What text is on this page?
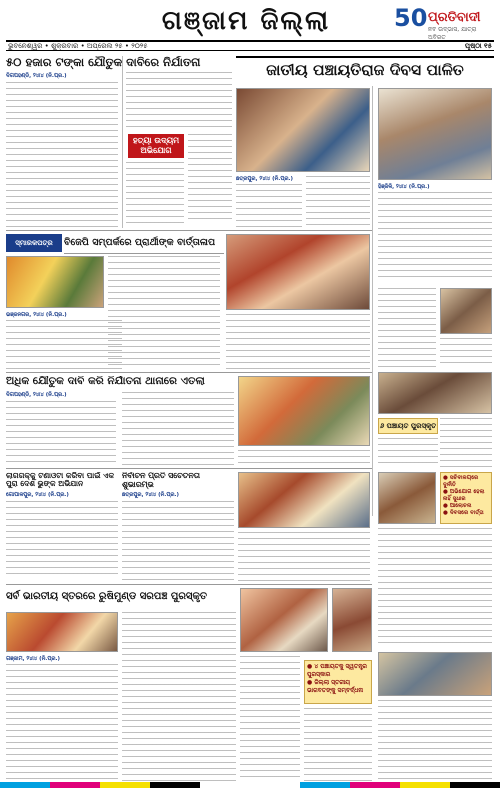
ଗଞ୍ଜାମ ଜିଲ୍ଲା	50 ପ୍ରତିବାଦୀ
ନବ ଉଦ୍ଭାସ, ଯାତ୍ରା ଅବିରତ
ଭୁବନେଶ୍ୱର • ଶୁକ୍ରବାର • ଅପ୍ରେଲ ୨୫ • ୨୦୨୫	ପୃଷ୍ଠା ୧୫
୫୦ ହଜାର ଟଙ୍କା ଯୌତୁକ ଦାବିରେ ନିର୍ଯାତନା
ଦିଗପହଣ୍ଡି, ୨୪ା୪ (ନି.ପ୍ର.)
ହତ୍ୟା ଉଦ୍ୟମ ଅଭିଯୋଗ
ଜାତୀୟ ପଞ୍ଚାୟତିରାଜ ଦିବସ ପାଳିତ
ଛତ୍ରପୁର, ୨୪ା୪ (ନି.ପ୍ର.)
ହିଞ୍ଜିଳି, ୨୪ା୪ (ନି.ପ୍ର.)
ସ୍ମାରକପତ୍ର	ବିଜେପି ସମ୍ପର୍କରେ ପ୍ରାର୍ଥୀଙ୍କ ବାର୍ତ୍ତାଳାପ
ଭଞ୍ଜନଗର, ୨୪ା୪ (ନି.ପ୍ର.)
ଅଧିକ ଯୌତୁକ ଦାବି କରି ନିର୍ଯାତନା ଥାନାରେ ଏତଲା
ଦିଗପହଣ୍ଡି, ୨୪ା୪ (ନି.ପ୍ର.)
୬ ପଞ୍ଚାୟତ ପୁରସ୍କୃତ
ଲାଗଗକ୍କୁ ଟଣାଓଟା କରିବା ପାଇଁ ଏକ ପୁରା ଦେଶ ଭୁଙ୍କ ଅଭିଯାନ
ଗୋପାଳପୁର, ୨୪ା୪ (ନି.ପ୍ର.)
ନିର୍ବାଚନ ପ୍ରତି ସଚେତନତା ଶୁଭାରମ୍ଭ
ଛତ୍ରପୁର, ୨୪ା୪ (ନି.ପ୍ର.)
● ସଚିବାଳୟରେ ଦୁର୍ନୀତି
● ଅଭିଯୋଗ ହେଲା ନାହିଁ ସୁଧାର
● ଆଲୋଚନା
● ଦିବସରେ ବାର୍ତ୍ତା
ସର୍ବ ଭାରତୀୟ ସ୍ତରରେ ରୁଷିମୁଣ୍ଡ ସରପଞ୍ଚ ପୁରସ୍କୃତ
ଗଞ୍ଜାମ, ୨୪ା୪ (ନି.ପ୍ର.)
● ୪ ପଞ୍ଚାୟତକୁ ସ୍ୱତନ୍ତ୍ର ପୁରସ୍କାର
● ଜିଲ୍ଲା ସ୍ତରୀୟ
ଭାଗବତଙ୍କୁ ସମ୍ବର୍ଦ୍ଧନା
